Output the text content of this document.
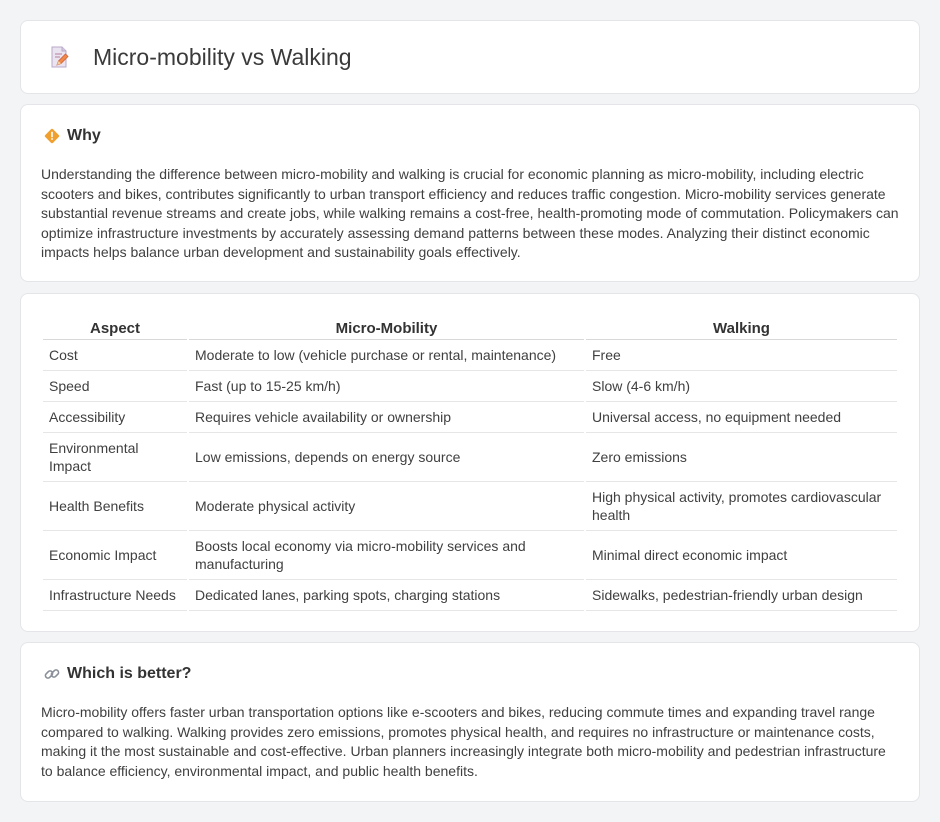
Micro-mobility vs Walking
Why

Understanding the difference between micro-mobility and walking is crucial for economic planning as micro-mobility, including electric scooters and bikes, contributes significantly to urban transport efficiency and reduces traffic congestion. Micro-mobility services generate substantial revenue streams and create jobs, while walking remains a cost-free, health-promoting mode of commutation. Policymakers can optimize infrastructure investments by accurately assessing demand patterns between these modes. Analyzing their distinct economic impacts helps balance urban development and sustainability goals effectively.

Aspect	Micro-Mobility	Walking
Cost	Moderate to low (vehicle purchase or rental, maintenance)	Free
Speed	Fast (up to 15-25 km/h)	Slow (4-6 km/h)
Accessibility	Requires vehicle availability or ownership	Universal access, no equipment needed
Environmental Impact	Low emissions, depends on energy source	Zero emissions
Health Benefits	Moderate physical activity	High physical activity, promotes cardiovascular health
Economic Impact	Boosts local economy via micro-mobility services and manufacturing	Minimal direct economic impact
Infrastructure Needs	Dedicated lanes, parking spots, charging stations	Sidewalks, pedestrian-friendly urban design
Which is better?

Micro-mobility offers faster urban transportation options like e-scooters and bikes, reducing commute times and expanding travel range compared to walking. Walking provides zero emissions, promotes physical health, and requires no infrastructure or maintenance costs, making it the most sustainable and cost-effective. Urban planners increasingly integrate both micro-mobility and pedestrian infrastructure to balance efficiency, environmental impact, and public health benefits.
